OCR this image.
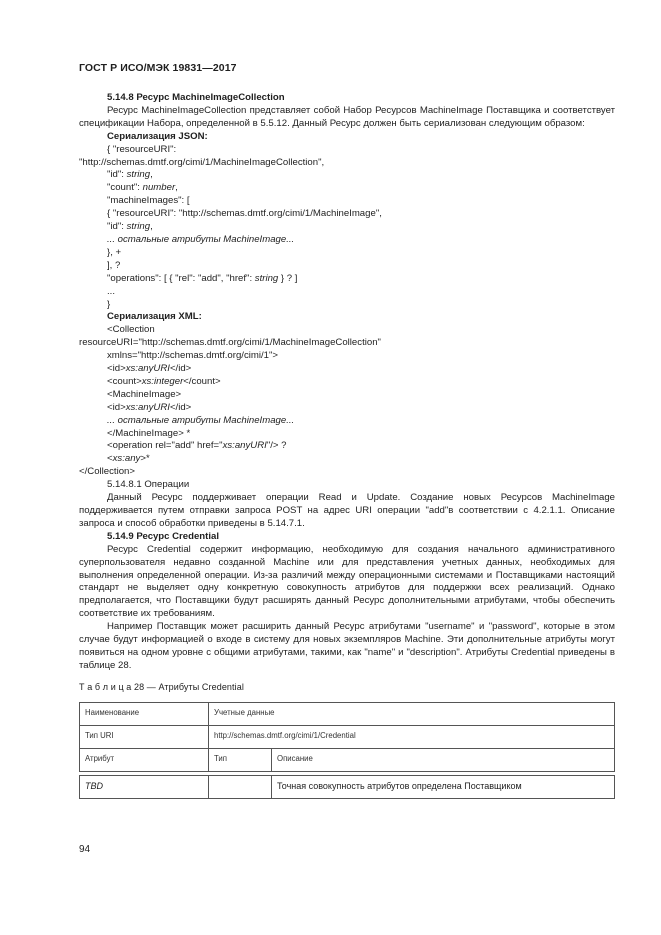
ГОСТ Р ИСО/МЭК 19831—2017

5.14.8 Ресурс MachineImageCollection

Ресурс MachineImageCollection представляет собой Набор Ресурсов MachineImage Поставщика и соответствует спецификации Набора, определенной в 5.5.12. Данный Ресурс должен быть сериализован следующим образом:

Сериализация JSON:

{ "resourceURI":

"http://schemas.dmtf.org/cimi/1/MachineImageCollection",

"id": string,

"count": number,

"machineImages": [

{ "resourceURI": "http://schemas.dmtf.org/cimi/1/MachineImage",

"id": string,

... остальные атрибуты MachineImage...

}, +

], ?

"operations": [ { "rel": "add", "href": string } ? ]

...

}

Сериализация XML:

<Collection

resourceURI="http://schemas.dmtf.org/cimi/1/MachineImageCollection"

xmlns="http://schemas.dmtf.org/cimi/1">

<id>xs:anyURI</id>

<count>xs:integer</count>

<MachineImage>

<id>xs:anyURI</id>

... остальные атрибуты MachineImage...

</MachineImage> *

<operation rel="add" href="xs:anyURI"/> ?

<xs:any>*

</Collection>

5.14.8.1 Операции

Данный Ресурс поддерживает операции Read и Update. Создание новых Ресурсов MachineImage поддерживается путем отправки запроса POST на адрес URI операции "add"в соответствии с 4.2.1.1. Описание запроса и способ обработки приведены в 5.14.7.1.

5.14.9 Ресурс Credential

Ресурс Credential содержит информацию, необходимую для создания начального административного суперпользователя недавно созданной Machine или для представления учетных данных, необходимых для выполнения определенной операции. Из-за различий между операционными системами и Поставщиками настоящий стандарт не выделяет одну конкретную совокупность атрибутов для поддержки всех реализаций. Однако предполагается, что Поставщики будут расширять данный Ресурс дополнительными атрибутами, чтобы обеспечить соответствие их требованиям.

Например Поставщик может расширить данный Ресурс атрибутами "username" и "password", которые в этом случае будут информацией о входе в систему для новых экземпляров Machine. Эти дополнительные атрибуты могут появиться на одном уровне с общими атрибутами, такими, как "name" и "description". Атрибуты Credential приведены в таблице 28.

Т а б л и ц а 28 — Атрибуты Credential

Наименование	Учетные данные	
Тип URI	http://schemas.dmtf.org/cimi/1/Credential	
Атрибут	Тип	Описание

TBD		Точная совокупность атрибутов определена Поставщиком
94
